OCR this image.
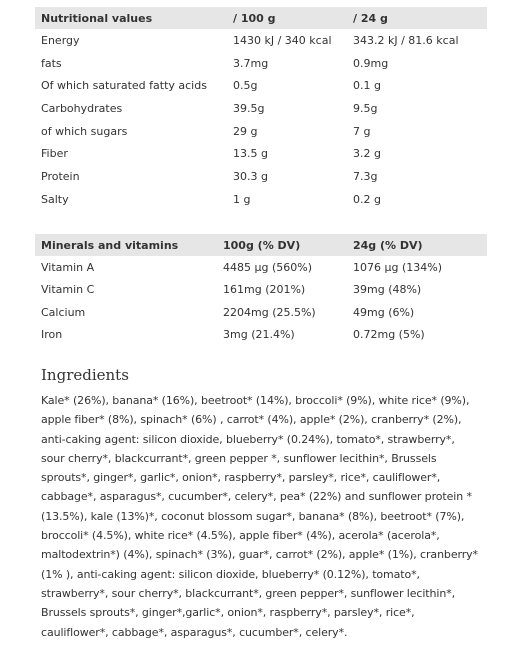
Nutritional values	/ 100 g	/ 24 g
Energy	1430 kJ / 340 kcal	343.2 kJ / 81.6 kcal
fats	3.7mg	0.9mg
Of which saturated fatty acids	0.5g	0.1 g
Carbohydrates	39.5g	9.5g
of which sugars	29 g	7 g
Fiber	13.5 g	3.2 g
Protein	30.3 g	7.3g
Salty	1 g	0.2 g
Minerals and vitamins	100g (% DV)	24g (% DV)
Vitamin A	4485 µg (560%)	1076 µg (134%)
Vitamin C	161mg (201%)	39mg (48%)
Calcium	2204mg (25.5%)	49mg (6%)
Iron	3mg (21.4%)	0.72mg (5%)
Ingredients
Kale* (26%), banana* (16%), beetroot* (14%), broccoli* (9%), white rice* (9%), apple fiber* (8%), spinach* (6%) , carrot* (4%), apple* (2%), cranberry* (2%), anti-caking agent: silicon dioxide, blueberry* (0.24%), tomato*, strawberry*, sour cherry*, blackcurrant*, green pepper *, sunflower lecithin*, Brussels sprouts*, ginger*, garlic*, onion*, raspberry*, parsley*, rice*, cauliflower*, cabbage*, asparagus*, cucumber*, celery*, pea* (22%) and sunflower protein * (13.5%), kale (13%)*, coconut blossom sugar*, banana* (8%), beetroot* (7%), broccoli* (4.5%), white rice* (4.5%), apple fiber* (4%), acerola* (acerola*, maltodextrin*) (4%), spinach* (3%), guar*, carrot* (2%), apple* (1%), cranberry* (1% ), anti-caking agent: silicon dioxide, blueberry* (0.12%), tomato*, strawberry*, sour cherry*, blackcurrant*, green pepper*, sunflower lecithin*, Brussels sprouts*, ginger*,garlic*, onion*, raspberry*, parsley*, rice*, cauliflower*, cabbage*, asparagus*, cucumber*, celery*.
